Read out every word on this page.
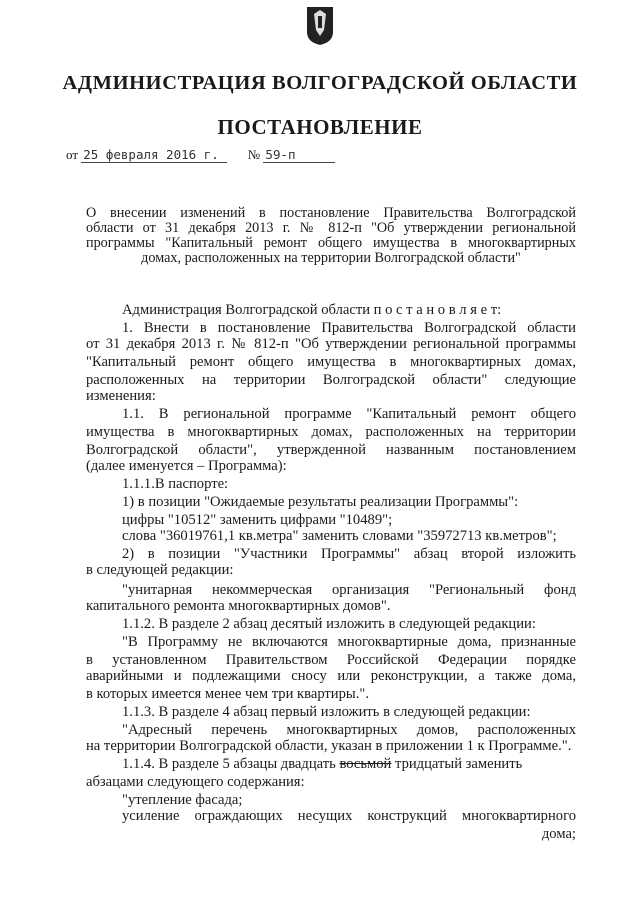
АДМИНИСТРАЦИЯ ВОЛГОГРАДСКОЙ ОБЛАСТИ
ПОСТАНОВЛЕНИЕ
от 25 февраля 2016 г. № 59-п
О внесении изменений в постановление Правительства Волгоградской
области от 31 декабря 2013 г. № 812-п "Об утверждении региональной
программы "Капитальный ремонт общего имущества в многоквартирных
домах, расположенных на территории Волгоградской области"
Администрация Волгоградской области п о с т а н о в л я е т:
1. Внести в постановление Правительства Волгоградской области
от 31 декабря 2013 г. № 812-п "Об утверждении региональной программы
"Капитальный ремонт общего имущества в многоквартирных домах,
расположенных на территории Волгоградской области" следующие
изменения:
1.1. В региональной программе "Капитальный ремонт общего
имущества в многоквартирных домах, расположенных на территории
Волгоградской области", утвержденной названным постановлением
(далее именуется – Программа):
1.1.1.В паспорте:
1) в позиции "Ожидаемые результаты реализации Программы":
цифры "10512" заменить цифрами "10489";
слова "36019761,1 кв.метра" заменить словами "35972713 кв.метров";
2) в позиции "Участники Программы" абзац второй изложить
в следующей редакции:
"унитарная некоммерческая организация "Региональный фонд
капитального ремонта многоквартирных домов".
1.1.2. В разделе 2 абзац десятый изложить в следующей редакции:
"В Программу не включаются многоквартирные дома, признанные
в установленном Правительством Российской Федерации порядке
аварийными и подлежащими сносу или реконструкции, а также дома,
в которых имеется менее чем три квартиры.".
1.1.3. В разделе 4 абзац первый изложить в следующей редакции:
"Адресный перечень многоквартирных домов, расположенных
на территории Волгоградской области, указан в приложении 1 к Программе.".
1.1.4. В разделе 5 абзацы двадцать восьмой тридцатый заменить
абзацами следующего содержания:
"утепление фасада;
усиление ограждающих несущих конструкций многоквартирного
дома;
